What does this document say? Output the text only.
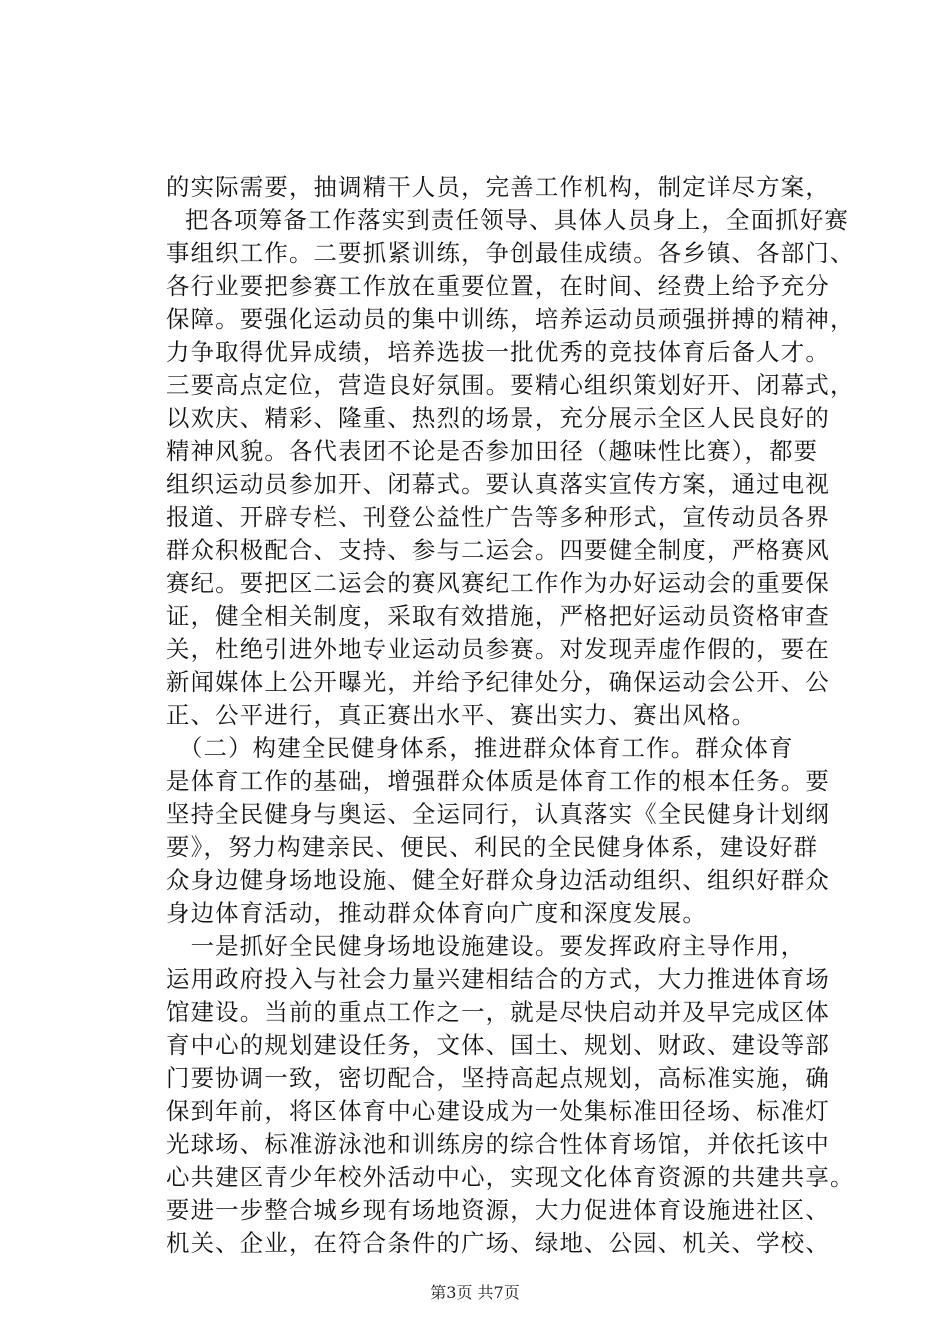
的实际需要，抽调精干人员，完善工作机构，制定详尽方案，
把各项筹备工作落实到责任领导、具体人员身上，全面抓好赛
事组织工作。二要抓紧训练，争创最佳成绩。各乡镇、各部门、
各行业要把参赛工作放在重要位置，在时间、经费上给予充分
保障。要强化运动员的集中训练，培养运动员顽强拼搏的精神，
力争取得优异成绩，培养选拔一批优秀的竞技体育后备人才。
三要高点定位，营造良好氛围。要精心组织策划好开、闭幕式，
以欢庆、精彩、隆重、热烈的场景，充分展示全区人民良好的
精神风貌。各代表团不论是否参加田径（趣味性比赛），都要
组织运动员参加开、闭幕式。要认真落实宣传方案，通过电视
报道、开辟专栏、刊登公益性广告等多种形式，宣传动员各界
群众积极配合、支持、参与二运会。四要健全制度，严格赛风
赛纪。要把区二运会的赛风赛纪工作作为办好运动会的重要保
证，健全相关制度，采取有效措施，严格把好运动员资格审查
关，杜绝引进外地专业运动员参赛。对发现弄虚作假的，要在
新闻媒体上公开曝光，并给予纪律处分，确保运动会公开、公
正、公平进行，真正赛出水平、赛出实力、赛出风格。
　（二）构建全民健身体系，推进群众体育工作。群众体育
是体育工作的基础，增强群众体质是体育工作的根本任务。要
坚持全民健身与奥运、全运同行，认真落实《全民健身计划纲
要》，努力构建亲民、便民、利民的全民健身体系，建设好群
众身边健身场地设施、健全好群众身边活动组织、组织好群众
身边体育活动，推动群众体育向广度和深度发展。
　一是抓好全民健身场地设施建设。要发挥政府主导作用，
运用政府投入与社会力量兴建相结合的方式，大力推进体育场
馆建设。当前的重点工作之一，就是尽快启动并及早完成区体
育中心的规划建设任务，文体、国土、规划、财政、建设等部
门要协调一致，密切配合，坚持高起点规划，高标准实施，确
保到年前，将区体育中心建设成为一处集标准田径场、标准灯
光球场、标准游泳池和训练房的综合性体育场馆，并依托该中
心共建区青少年校外活动中心，实现文化体育资源的共建共享。
要进一步整合城乡现有场地资源，大力促进体育设施进社区、
机关、企业，在符合条件的广场、绿地、公园、机关、学校、
第3页 共7页
